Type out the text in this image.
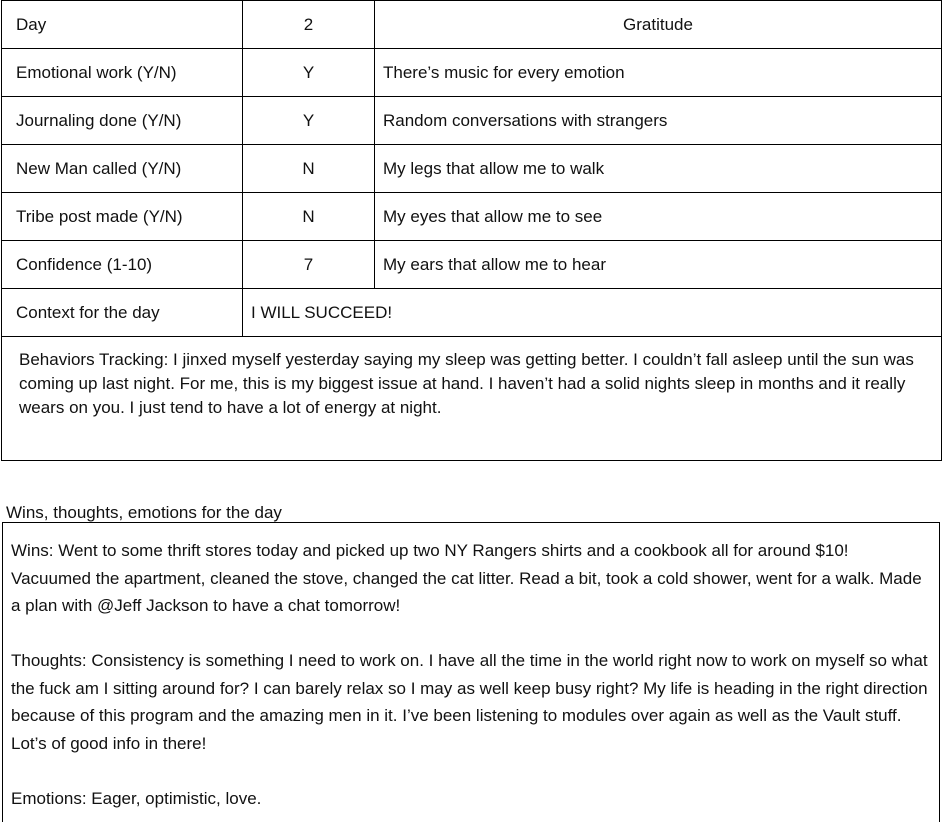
Day	2	Gratitude
Emotional work (Y/N)	Y	There’s music for every emotion
Journaling done (Y/N)	Y	Random conversations with strangers
New Man called (Y/N)	N	My legs that allow me to walk
Tribe post made (Y/N)	N	My eyes that allow me to see
Confidence (1-10)	7	My ears that allow me to hear
Context for the day	I WILL SUCCEED!	
Behaviors Tracking: I jinxed myself yesterday saying my sleep was getting better. I couldn’t fall asleep until the sun was coming up last night. For me, this is my biggest issue at hand. I haven’t had a solid nights sleep in months and it really wears on you. I just tend to have a lot of energy at night.		
Wins, thoughts, emotions for the day

Wins: Went to some thrift stores today and picked up two NY Rangers shirts and a cookbook all for around $10! Vacuumed the apartment, cleaned the stove, changed the cat litter. Read a bit, took a cold shower, went for a walk. Made a plan with @Jeff Jackson to have a chat tomorrow!

Thoughts: Consistency is something I need to work on. I have all the time in the world right now to work on myself so what the fuck am I sitting around for? I can barely relax so I may as well keep busy right? My life is heading in the right direction because of this program and the amazing men in it. I’ve been listening to modules over again as well as the Vault stuff. Lot’s of good info in there!

Emotions: Eager, optimistic, love.
